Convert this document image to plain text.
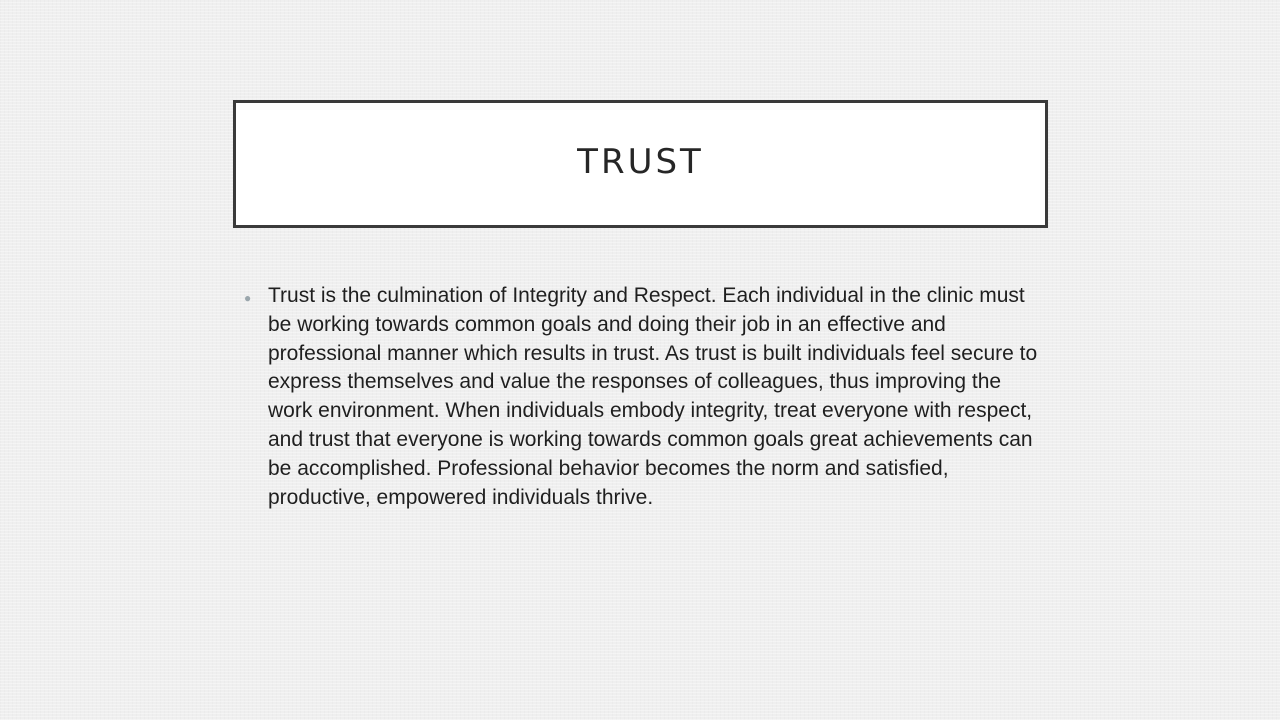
TRUST
● Trust is the culmination of Integrity and Respect. Each individual in the clinic must be working towards common goals and doing their job in an effective and professional manner which results in trust. As trust is built individuals feel secure to express themselves and value the responses of colleagues, thus improving the work environment. When individuals embody integrity, treat everyone with respect, and trust that everyone is working towards common goals great achievements can be accomplished. Professional behavior becomes the norm and satisfied, productive, empowered individuals thrive.
